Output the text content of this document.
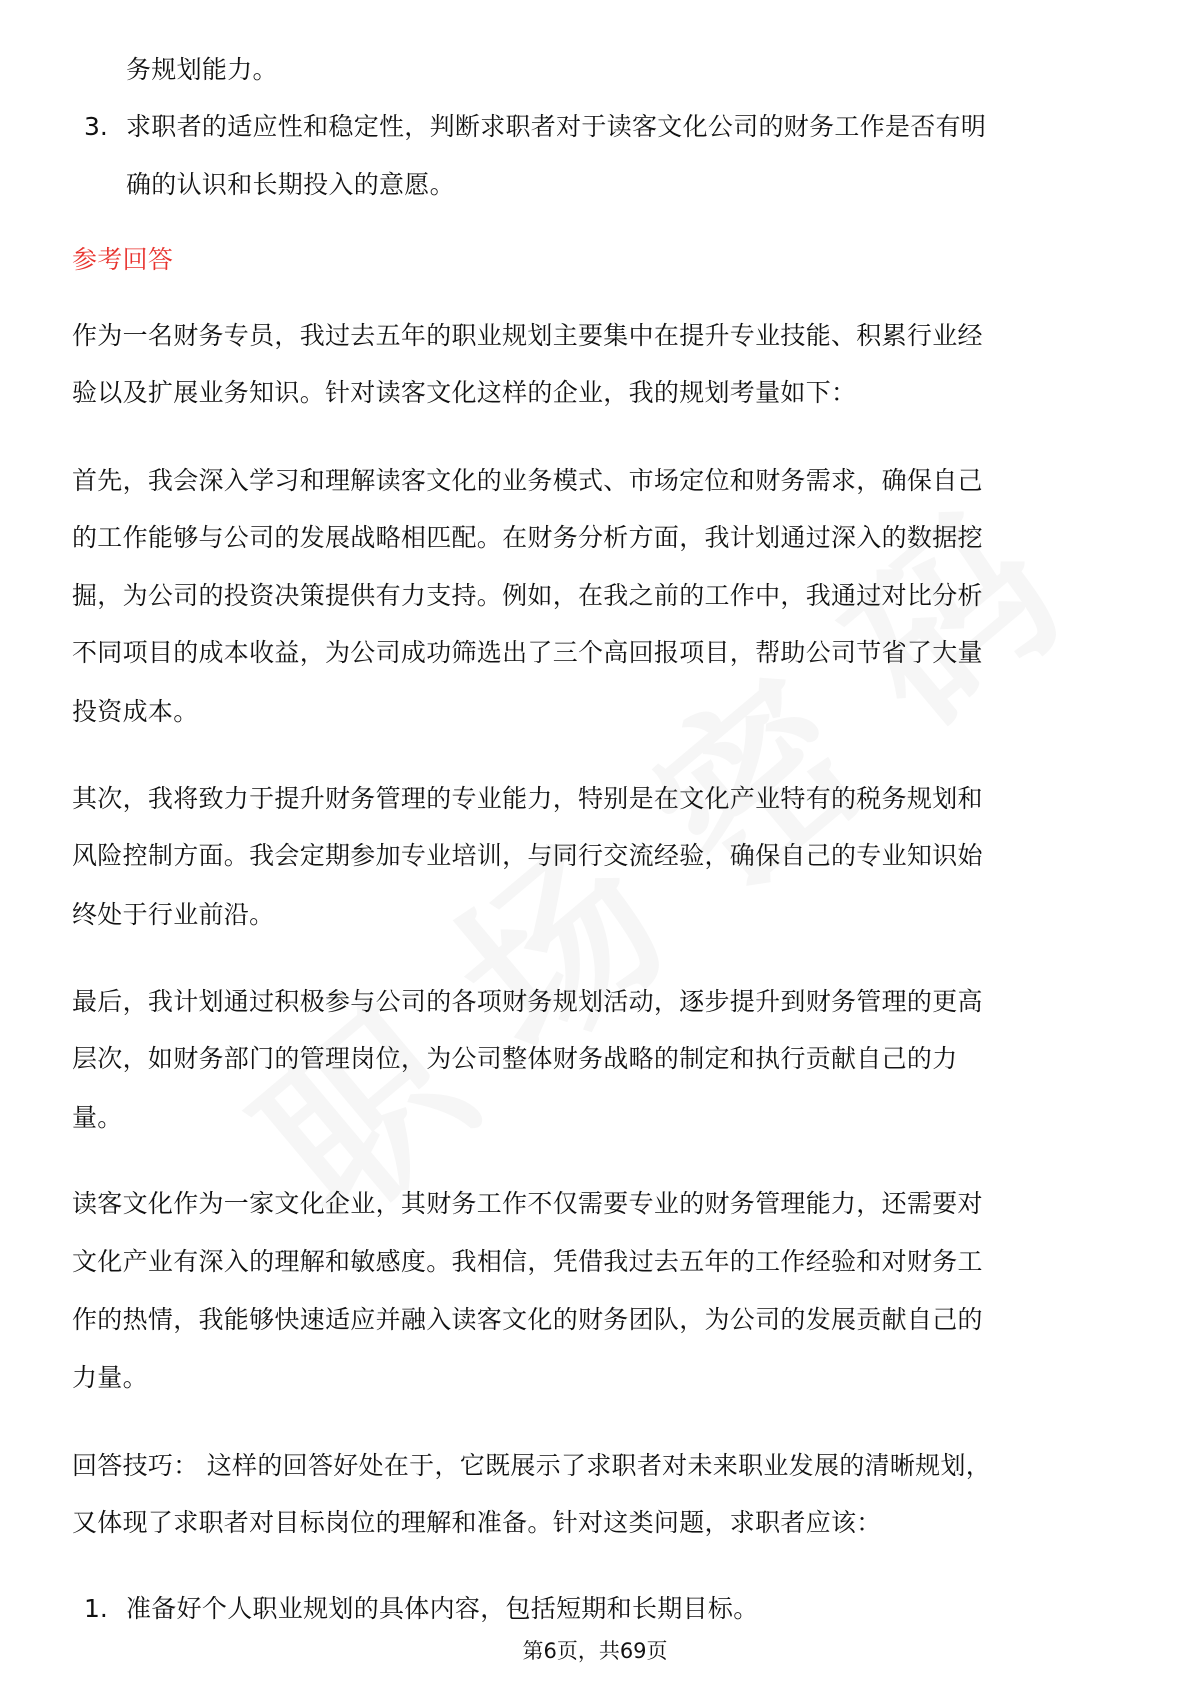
务规划能力。
3. 求职者的适应性和稳定性，判断求职者对于读客文化公司的财务工作是否有明
确的认识和长期投入的意愿。
参考回答
作为一名财务专员，我过去五年的职业规划主要集中在提升专业技能、积累行业经
验以及扩展业务知识。针对读客文化这样的企业，我的规划考量如下：
首先，我会深入学习和理解读客文化的业务模式、市场定位和财务需求，确保自己
的工作能够与公司的发展战略相匹配。在财务分析方面，我计划通过深入的数据挖
掘，为公司的投资决策提供有力支持。例如，在我之前的工作中，我通过对比分析
不同项目的成本收益，为公司成功筛选出了三个高回报项目，帮助公司节省了大量
投资成本。
其次，我将致力于提升财务管理的专业能力，特别是在文化产业特有的税务规划和
风险控制方面。我会定期参加专业培训，与同行交流经验，确保自己的专业知识始
终处于行业前沿。
最后，我计划通过积极参与公司的各项财务规划活动，逐步提升到财务管理的更高
层次，如财务部门的管理岗位，为公司整体财务战略的制定和执行贡献自己的力
量。
读客文化作为一家文化企业，其财务工作不仅需要专业的财务管理能力，还需要对
文化产业有深入的理解和敏感度。我相信，凭借我过去五年的工作经验和对财务工
作的热情，我能够快速适应并融入读客文化的财务团队，为公司的发展贡献自己的
力量。
回答技巧： 这样的回答好处在于，它既展示了求职者对未来职业发展的清晰规划，
又体现了求职者对目标岗位的理解和准备。针对这类问题，求职者应该：
1. 准备好个人职业规划的具体内容，包括短期和长期目标。
第6页，共69页
